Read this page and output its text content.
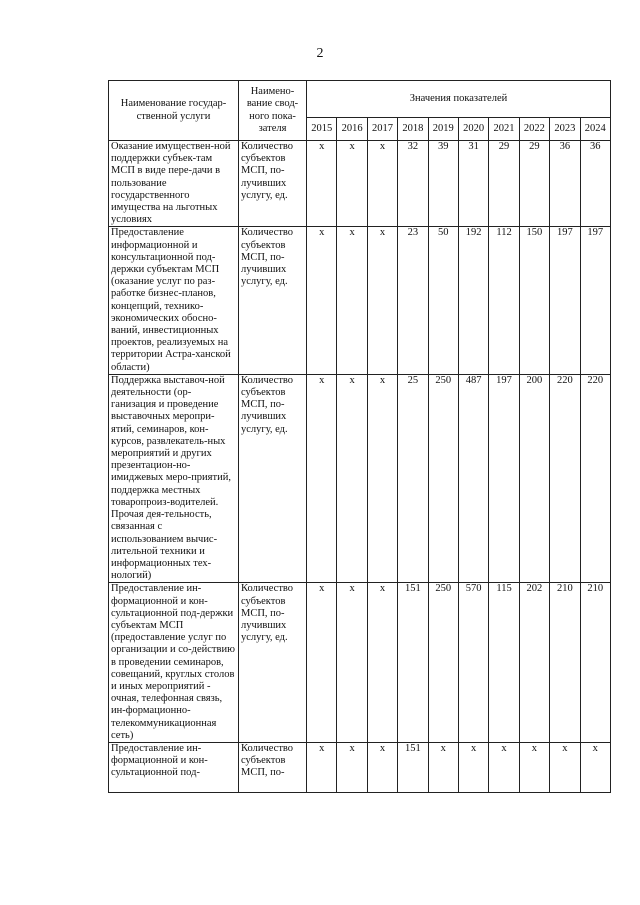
2
Наименование государ-ственной услуги	Наимено-вание свод-ного пока-зателя	Значения показателей									
		2015	2016	2017	2018	2019	2020	2021	2022	2023	2024
Оказание имуществен-ной поддержки субъек-там МСП в виде пере-дачи в пользование государственного имущества на льготных условиях	Количество субъектов МСП, по-лучивших услугу, ед.	x	x	x	32	39	31	29	29	36	36
Предоставление информационной и консультационной под-держки субъектам МСП (оказание услуг по раз-работке бизнес-планов, концепций, технико-экономических обосно-ваний, инвестиционных проектов, реализуемых на территории Астра-ханской области)	Количество субъектов МСП, по-лучивших услугу, ед.	x	x	x	23	50	192	112	150	197	197
Поддержка выставоч-ной деятельности (ор-ганизация и проведение выставочных меропри-ятий, семинаров, кон-курсов, развлекатель-ных мероприятий и других презентацион-но-имиджевых меро-приятий, поддержка местных товаропроиз-водителей. Прочая дея-тельность, связанная с использованием вычис-лительной техники и информационных тех-нологий)	Количество субъектов МСП, по-лучивших услугу, ед.	x	x	x	25	250	487	197	200	220	220
Предоставление ин-формационной и кон-сультационной под-держки субъектам МСП (предоставление услуг по организации и со-действию в проведении семинаров, совещаний, круглых столов и иных мероприятий - очная, телефонная связь, ин-формационно-телекоммуникационная сеть)	Количество субъектов МСП, по-лучивших услугу, ед.	x	x	x	151	250	570	115	202	210	210
Предоставление ин-формационной и кон-сультационной под-	Количество субъектов МСП, по-	x	x	x	151	x	x	x	x	x	x
